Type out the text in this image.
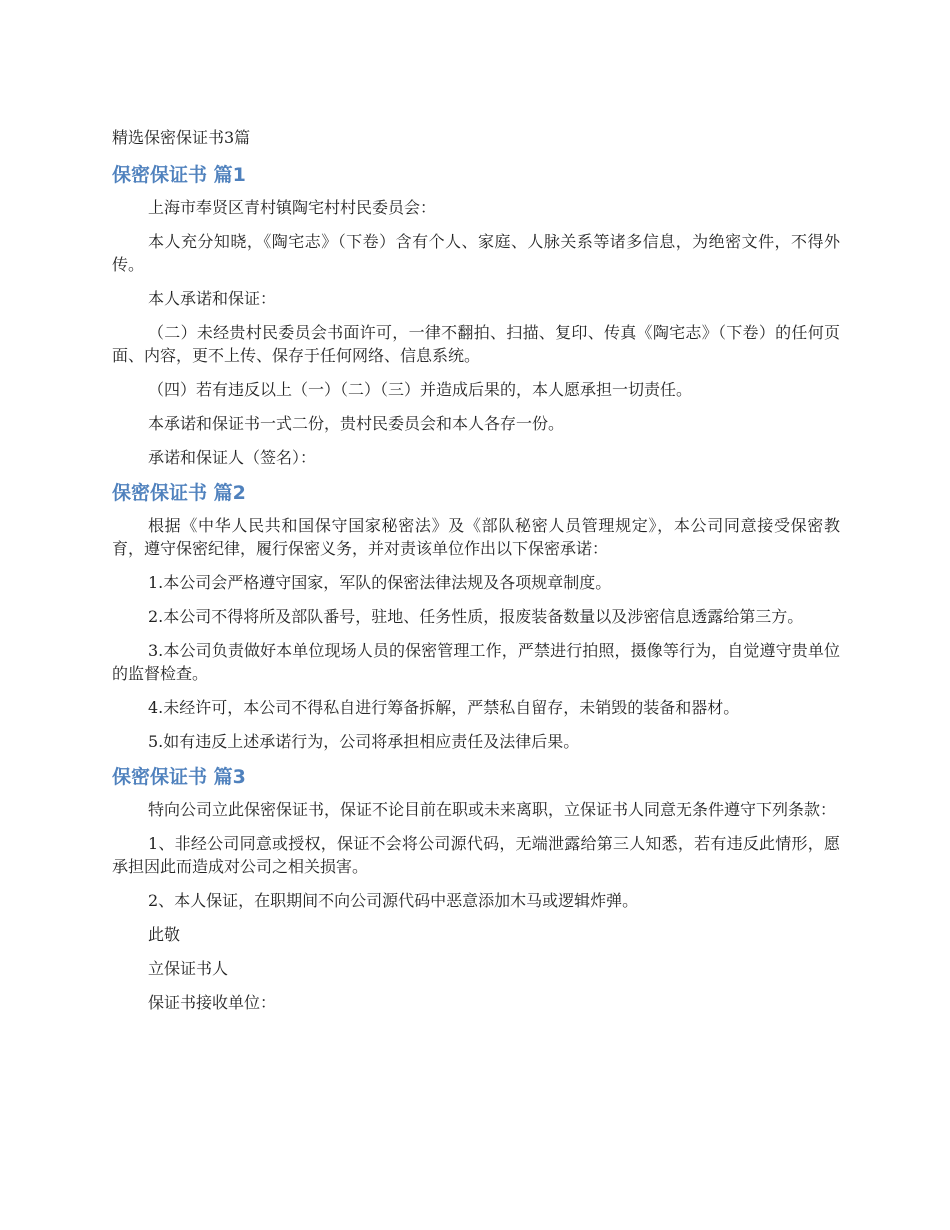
精选保密保证书3篇
保密保证书 篇1

上海市奉贤区青村镇陶宅村村民委员会：

本人充分知晓，《陶宅志》（下卷）含有个人、家庭、人脉关系等诸多信息，为绝密文件，不得外传。

本人承诺和保证：

（二）未经贵村民委员会书面许可，一律不翻拍、扫描、复印、传真《陶宅志》（下卷）的任何页面、内容，更不上传、保存于任何网络、信息系统。

（四）若有违反以上（一）（二）（三）并造成后果的，本人愿承担一切责任。

本承诺和保证书一式二份，贵村民委员会和本人各存一份。

承诺和保证人（签名）：

保密保证书 篇2

根据《中华人民共和国保守国家秘密法》及《部队秘密人员管理规定》，本公司同意接受保密教育，遵守保密纪律，履行保密义务，并对责该单位作出以下保密承诺：

1.本公司会严格遵守国家，军队的保密法律法规及各项规章制度。

2.本公司不得将所及部队番号，驻地、任务性质，报废装备数量以及涉密信息透露给第三方。

3.本公司负责做好本单位现场人员的保密管理工作，严禁进行拍照，摄像等行为，自觉遵守贵单位的监督检查。

4.未经许可，本公司不得私自进行筹备拆解，严禁私自留存，未销毁的装备和器材。

5.如有违反上述承诺行为，公司将承担相应责任及法律后果。

保密保证书 篇3

特向公司立此保密保证书，保证不论目前在职或未来离职，立保证书人同意无条件遵守下列条款：

1、非经公司同意或授权，保证不会将公司源代码，无端泄露给第三人知悉，若有违反此情形，愿承担因此而造成对公司之相关损害。

2、本人保证，在职期间不向公司源代码中恶意添加木马或逻辑炸弹。

此敬

立保证书人

保证书接收单位：
